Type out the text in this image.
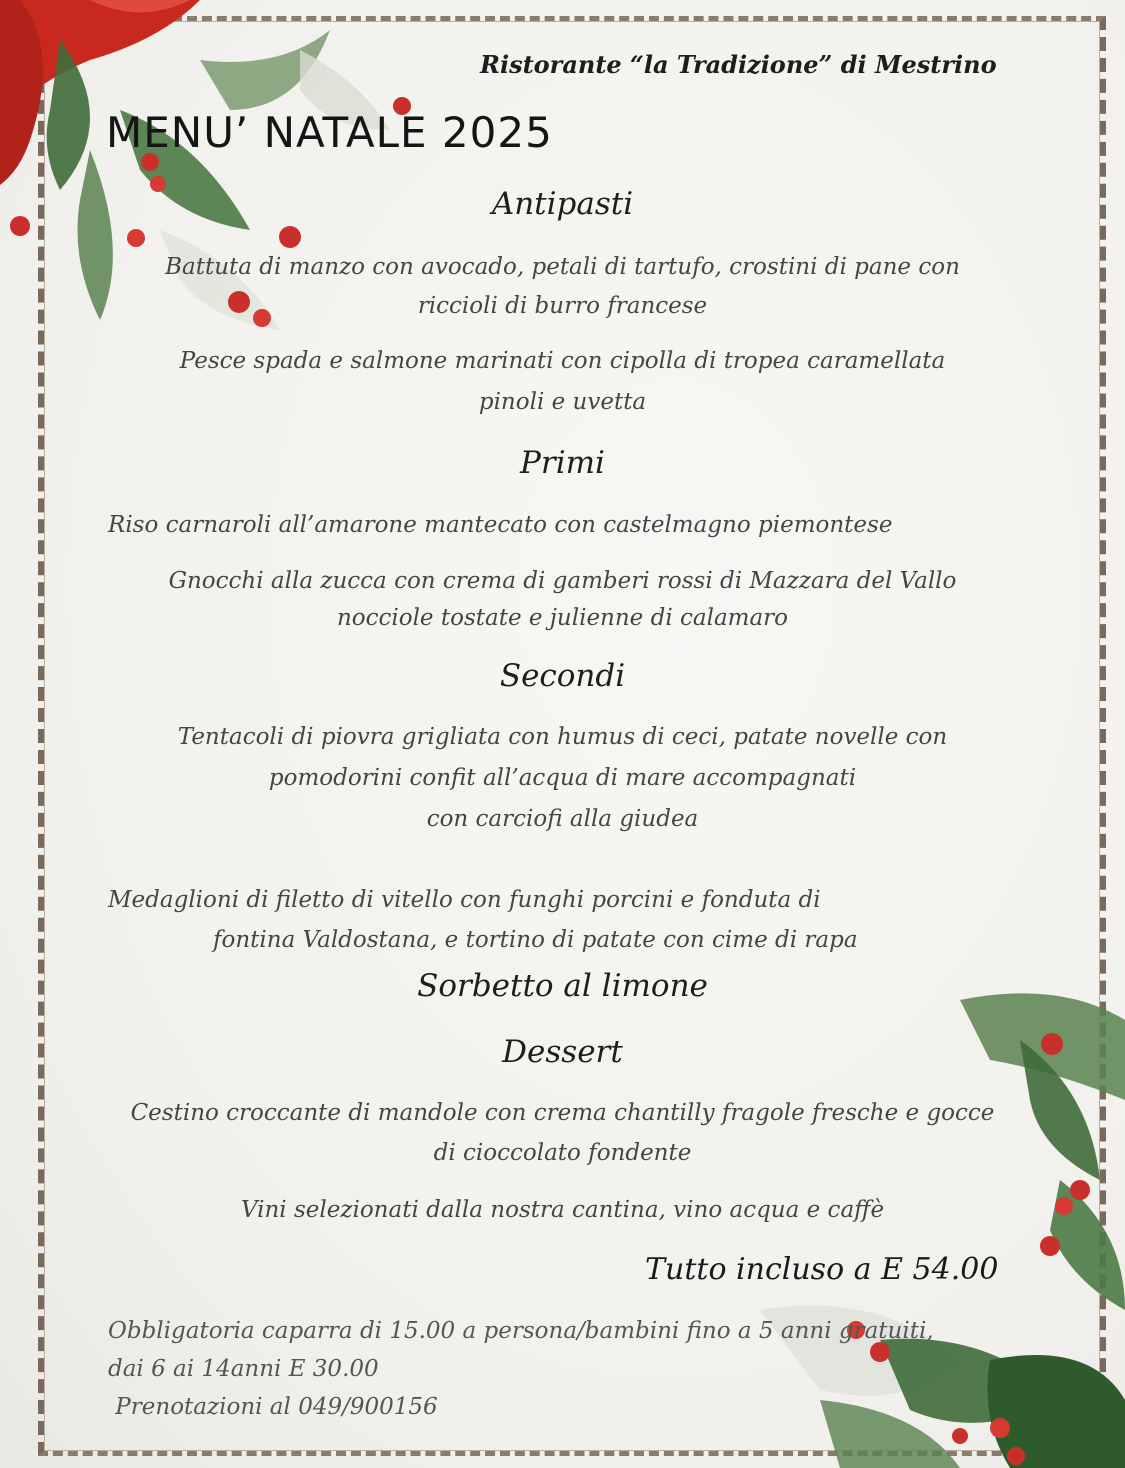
Ristorante “la Tradizione” di Mestrino
MENU’ NATALE 2025
Antipasti
Battuta di manzo con avocado, petali di tartufo, crostini di pane con
riccioli di burro francese
Pesce spada e salmone marinati con cipolla di tropea caramellata
pinoli e uvetta
Primi
Riso carnaroli all’amarone mantecato con castelmagno piemontese
Gnocchi alla zucca con crema di gamberi rossi di Mazzara del Vallo
nocciole tostate e julienne di calamaro
Secondi
Tentacoli di piovra grigliata con humus di ceci, patate novelle con
pomodorini confit all’acqua di mare accompagnati
con carciofi alla giudea
Medaglioni di filetto di vitello con funghi porcini e fonduta di
fontina Valdostana, e tortino di patate con cime di rapa
Sorbetto al limone
Dessert
Cestino croccante di mandole con crema chantilly fragole fresche e gocce
di cioccolato fondente
Vini selezionati dalla nostra cantina, vino acqua e caffè
Tutto incluso a E 54.00
Obbligatoria caparra di 15.00 a persona/bambini fino a 5 anni gratuiti,
dai 6 ai 14anni E 30.00
Prenotazioni al 049/900156
